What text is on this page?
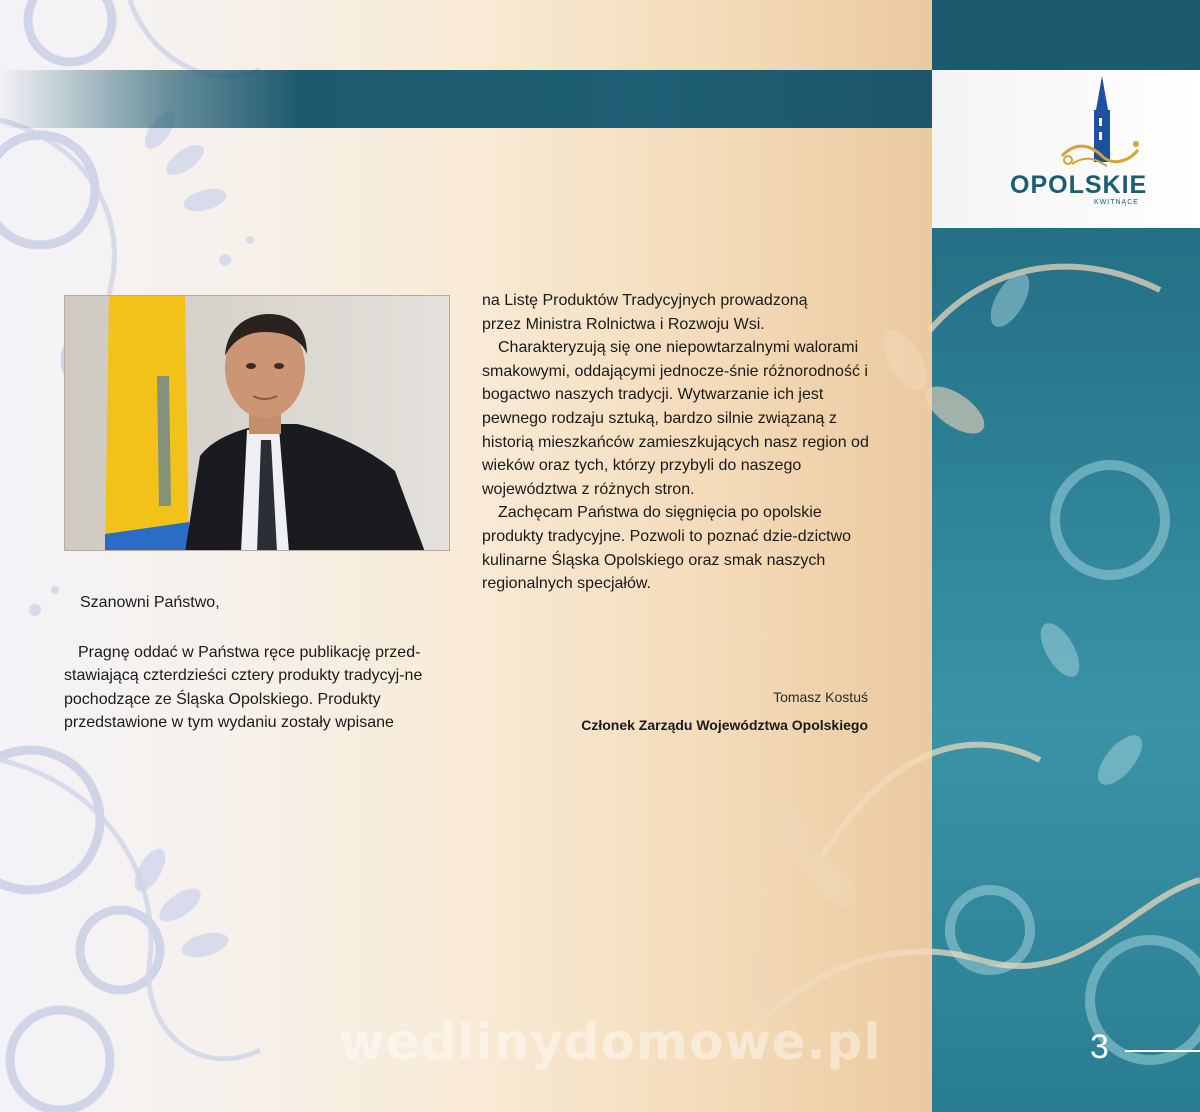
OPOLSKIE
KWITNĄCE
Szanowni Państwo,

Pragnę oddać w Państwa ręce publikację przed-stawiającą czterdzieści cztery produkty tradycyj-ne pochodzące ze Śląska Opolskiego. Produkty przedstawione w tym wydaniu zostały wpisane

na Listę Produktów Tradycyjnych prowadzoną

przez Ministra Rolnictwa i Rozwoju Wsi.

Charakteryzują się one niepowtarzalnymi walorami smakowymi, oddającymi jednocze-śnie różnorodność i bogactwo naszych tradycji. Wytwarzanie ich jest pewnego rodzaju sztuką, bardzo silnie związaną z historią mieszkańców zamieszkujących nasz region od wieków oraz tych, którzy przybyli do naszego województwa z różnych stron.

Zachęcam Państwa do sięgnięcia po opolskie produkty tradycyjne. Pozwoli to poznać dzie-dzictwo kulinarne Śląska Opolskiego oraz smak naszych regionalnych specjałów.

Tomasz Kostuś
Członek Zarządu Województwa Opolskiego
wedlinydomowe.pl	3
